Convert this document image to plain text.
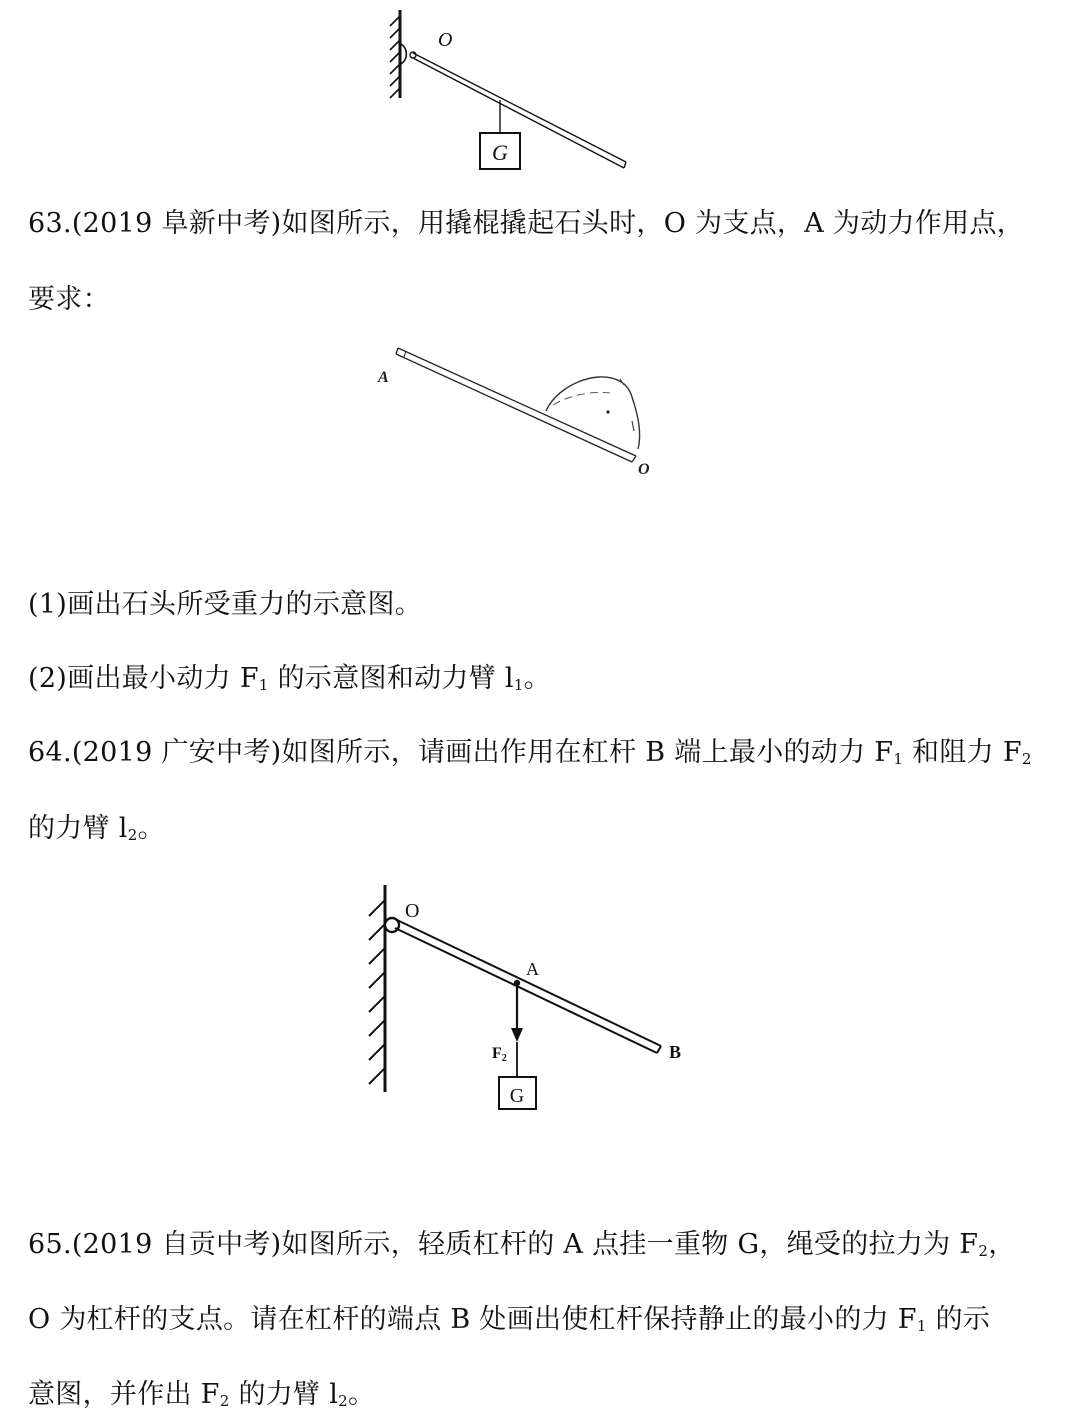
G
O
63.(2019 阜新中考)如图所示，用撬棍撬起石头时，O 为支点，A 为动力作用点，
要求：
A
O
(1)画出石头所受重力的示意图。
(2)画出最小动力 $F_1$ 的示意图和动力臂 $l_1$。
64.(2019 广安中考)如图所示，请画出作用在杠杆 B 端上最小的动力 $F_1$ 和阻力 $F_2$
的力臂 $l_2$。
G
O
A
B
F2
65.(2019 自贡中考)如图所示，轻质杠杆的 A 点挂一重物 G，绳受的拉力为 $F_2$，
O 为杠杆的支点。请在杠杆的端点 B 处画出使杠杆保持静止的最小的力 $F_1$ 的示
意图，并作出 $F_2$ 的力臂 $l_2$。
